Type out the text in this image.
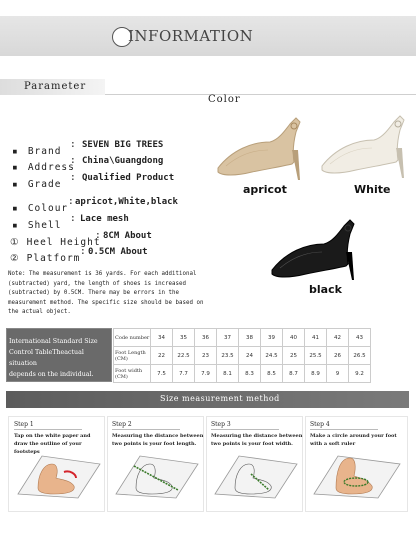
INFORMATION
Parameter
Color
▪ Brand
: SEVEN BIG TREES
▪ Address
: China\Guangdong
▪ Grade
: Qualified Product
▪ Colour
: apricot,White,black
▪ Shell
: Lace mesh
① Heel Height
: 8CM About
② Platform
: 0.5CM About
apricot	White
black
Note: The measurement is 36 yards. For each additional (subtracted) yard, the length of shoes is increased (subtracted) by 0.5CM. There may be errors in the measurement method. The specific size should be based on the actual object.
International Standard Size
Control TableThеactual situation
depends on the individual.
Code number	34	35	36	37	38	39	40	41	42	43
Foot Length (CM)	22	22.5	23	23.5	24	24.5	25	25.5	26	26.5
Foot width (CM)	7.5	7.7	7.9	8.1	8.3	8.5	8.7	8.9	9	9.2
Size measurement method
Step 1
Tap on the white paper and draw the outline of your footsteps
Step 2
Measuring the distance between two points is your foot length.
Step 3
Measuring the distance between two points is your foot width.
Step 4
Make a circle around your foot with a soft ruler
